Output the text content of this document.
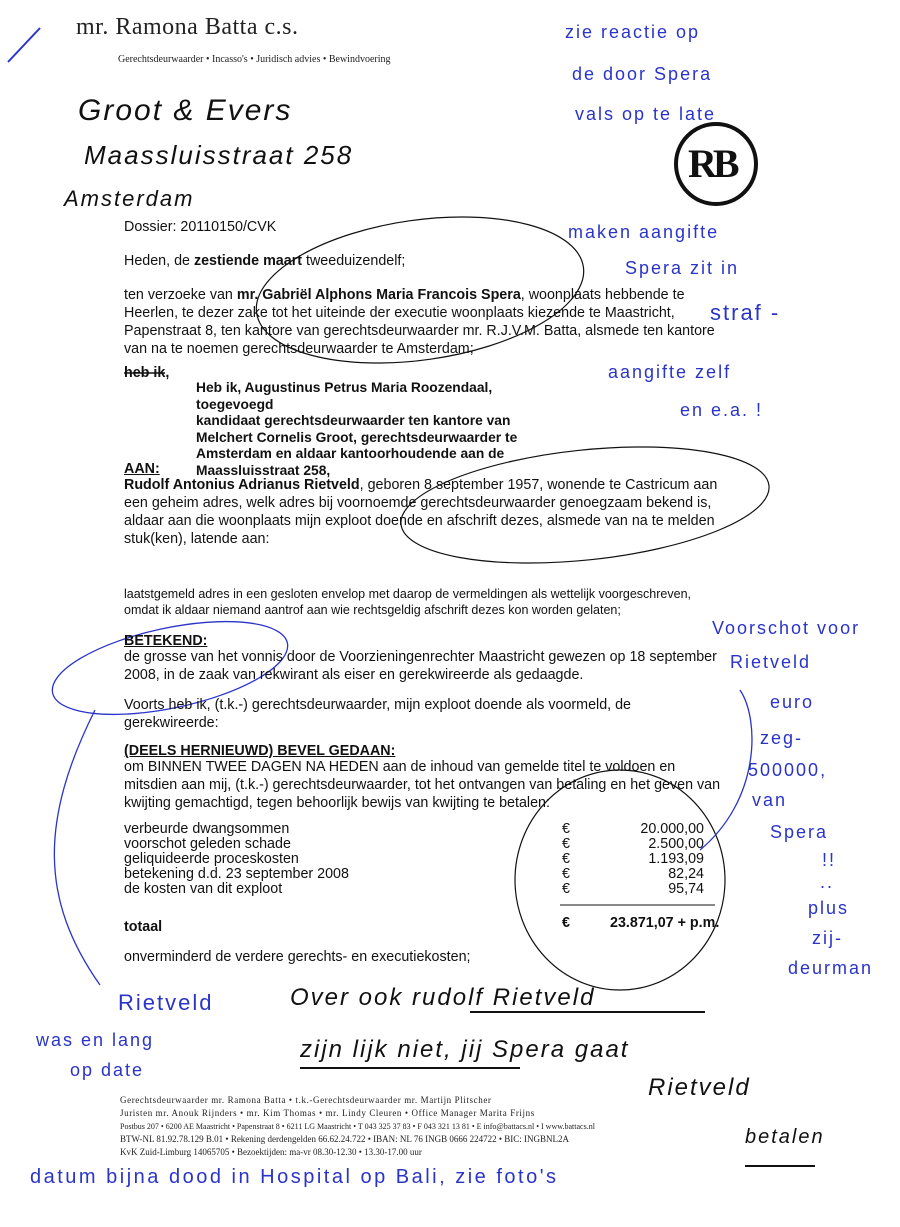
mr. Ramona Batta c.s.
Gerechtsdeurwaarder • Incasso's • Juridisch advies • Bewindvoering
RB
Groot & Evers
Maassluisstraat 258
Amsterdam
zie reactie op
de door Spera
vals op te late
maken aangifte
Spera zit in
straf -
aangifte zelf
en e.a. !
Dossier: 20110150/CVK
Heden, de zestiende maart tweeduizendelf;
ten verzoeke van mr. Gabriël Alphons Maria Francois Spera, woonplaats hebbende te
Heerlen, te dezer zake tot het uiteinde der executie woonplaats kiezende te Maastricht,
Papenstraat 8, ten kantore van gerechtsdeurwaarder mr. R.J.V.M. Batta, alsmede ten kantore
van na te noemen gerechtsdeurwaarder te Amsterdam;
heb ik,
Heb ik, Augustinus Petrus Maria Roozendaal, toegevoegd
kandidaat gerechtsdeurwaarder ten kantore van
Melchert Cornelis Groot, gerechtsdeurwaarder te
Amsterdam en aldaar kantoorhoudende aan de
Maassluisstraat 258,
AAN:
Rudolf Antonius Adrianus Rietveld, geboren 8 september 1957, wonende te Castricum aan
een geheim adres, welk adres bij voornoemde gerechtsdeurwaarder genoegzaam bekend is,
aldaar aan die woonplaats mijn exploot doende en afschrift dezes, alsmede van na te melden
stuk(ken), latende aan:
laatstgemeld adres in een gesloten envelop met daarop de vermeldingen als wettelijk voorgeschreven,
omdat ik aldaar niemand aantrof aan wie rechtsgeldig afschrift dezes kon worden gelaten;
BETEKEND:
de grosse van het vonnis door de Voorzieningenrechter Maastricht gewezen op 18 september
2008, in de zaak van rekwirant als eiser en gerekwireerde als gedaagde.
Voorts heb ik, (t.k.-) gerechtsdeurwaarder, mijn exploot doende als voormeld, de
gerekwireerde:
(DEELS HERNIEUWD) BEVEL GEDAAN:
om BINNEN TWEE DAGEN NA HEDEN aan de inhoud van gemelde titel te voldoen en
mitsdien aan mij, (t.k.-) gerechtsdeurwaarder, tot het ontvangen van betaling en het geven van
kwijting gemachtigd, tegen behoorlijk bewijs van kwijting te betalen:
verbeurde dwangsommen
voorschot geleden schade
geliquideerde proceskosten
betekening d.d. 23 september 2008
de kosten van dit exploot
€
€
€
€
€
20.000,00
2.500,00
1.193,09
82,24
95,74
totaal	€	23.871,07 + p.m.
onverminderd de verdere gerechts- en executiekosten;
Voorschot voor
Rietveld
euro
zeg-
500000,
van
Spera
!!
..
plus
zij-
deurman
Over ook rudolf Rietveld
zijn lijk niet, jij Spera gaat
Rietveld
betalen
Rietveld
was en lang
op date
Gerechtsdeurwaarder mr. Ramona Batta • t.k.-Gerechtsdeurwaarder mr. Martijn Plitscher
Juristen mr. Anouk Rijnders • mr. Kim Thomas • mr. Lindy Cleuren • Office Manager Marita Frijns
Postbus 207 • 6200 AE Maastricht • Papenstraat 8 • 6211 LG Maastricht • T 043 325 37 83 • F 043 321 13 81 • E info@battacs.nl • I www.battacs.nl
BTW-NL 81.92.78.129 B.01 • Rekening derdengelden 66.62.24.722 • IBAN: NL 76 INGB 0666 224722 • BIC: INGBNL2A
KvK Zuid-Limburg 14065705 • Bezoektijden: ma-vr 08.30-12.30 • 13.30-17.00 uur
datum bijna dood in Hospital op Bali, zie foto's
